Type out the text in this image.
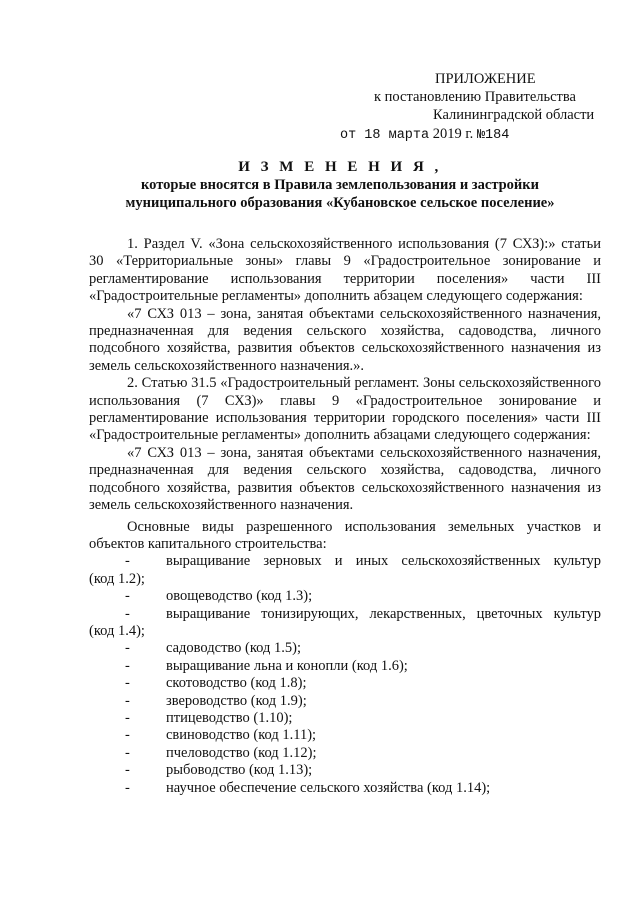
ПРИЛОЖЕНИЕ
к постановлению Правительства
Калининградской области
от 18 марта 2019 г. №184
И З М Е Н Е Н И Я ,
которые вносятся в Правила землепользования и застройки
муниципального образования «Кубановское сельское поселение»

1. Раздел V. «Зона сельскохозяйственного использования (7 СХЗ):» статьи 30 «Территориальные зоны» главы 9 «Градостроительное зонирование и регламентирование использования территории поселения» части III «Градостроительные регламенты» дополнить абзацем следующего содержания:

«7 СХЗ 013 – зона, занятая объектами сельскохозяйственного назначения, предназначенная для ведения сельского хозяйства, садоводства, личного подсобного хозяйства, развития объектов сельскохозяйственного назначения из земель сельскохозяйственного назначения.».

2. Статью 31.5 «Градостроительный регламент. Зоны сельскохозяйственного использования (7 СХЗ)» главы 9 «Градостроительное зонирование и регламентирование использования территории городского поселения» части III «Градостроительные регламенты» дополнить абзацами следующего содержания:

«7 СХЗ 013 – зона, занятая объектами сельскохозяйственного назначения, предназначенная для ведения сельского хозяйства, садоводства, личного подсобного хозяйства, развития объектов сельскохозяйственного назначения из земель сельскохозяйственного назначения.

Основные виды разрешенного использования земельных участков и объектов капитального строительства:

-	выращивание зерновых и иных сельскохозяйственных культур
(код 1.2);
-	овощеводство (код 1.3);
-	выращивание тонизирующих, лекарственных, цветочных культур
(код 1.4);
-	садоводство (код 1.5);
-	выращивание льна и конопли (код 1.6);
-	скотоводство (код 1.8);
-	звероводство (код 1.9);
-	птицеводство (1.10);
-	свиноводство (код 1.11);
-	пчеловодство (код 1.12);
-	рыбоводство (код 1.13);
-	научное обеспечение сельского хозяйства (код 1.14);
